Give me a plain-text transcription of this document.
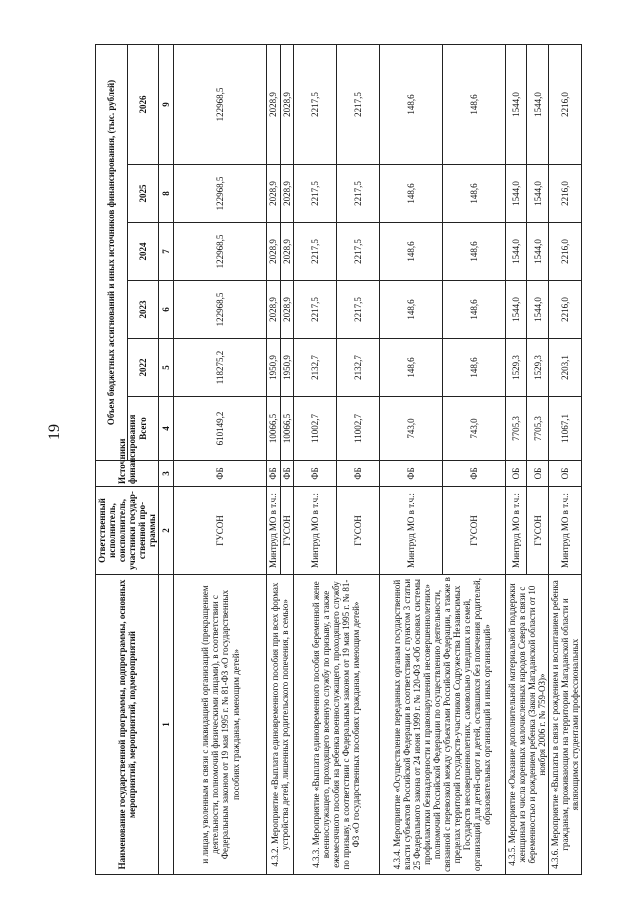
19
Наименование государственной программы, подпрограммы, основных мероприятий, мероприятий, подмероприятий	Ответственный исполнитель, соисполнитель, участники государ-ственной про-граммы	Источники финансирования	Объем бюджетных ассигнований и иных источников финансирования, (тыс. рублей)					
			Всего	2022	2023	2024	2025	2026
1	2	3	4	5	6	7	8	9
и лицам, уволенным в связи с ликвидацией организаций (прекращением деятельности, полномочий физическими лицами), в соответствии с Федеральным законом от 19 мая 1995 г. № 81-ФЗ «О государственных пособиях гражданам, имеющим детей»	ГУСОН	ФБ	610149,2	118275,2	122968,5	122968,5	122968,5	122968,5
4.3.2. Мероприятие «Выплата единовременного пособия при всех формах устройства детей, лишенных родительского попечения, в семью»	Минтруд МО в т.ч.:	ФБ	10066,5	1950,9	2028,9	2028,9	2028,9	2028,9
	ГУСОН	ФБ	10066,5	1950,9	2028,9	2028,9	2028,9	2028,9
4.3.3. Мероприятие «Выплата единовременного пособия беременной жене военнослужащего, проходящего военную службу по призыву, а также ежемесячного пособия на ребенка военнослужащего, проходящего службу по призыву, в соответствии с Федеральным законом от 19 мая 1995 г. № 81-ФЗ «О государственных пособиях гражданам, имеющим детей»	Минтруд МО в т.ч.:	ФБ	11002,7	2132,7	2217,5	2217,5	2217,5	2217,5
	ГУСОН	ФБ	11002,7	2132,7	2217,5	2217,5	2217,5	2217,5
4.3.4. Мероприятие «Осуществление переданных органам государственной власти субъектов Российской Федерации в соответствии с пунктом 3 статьи 25 Федерального закона от 24 июня 1999 г. № 120-ФЗ «Об основах системы профилактики безнадзорности и правонарушений несовершеннолетних» полномочий Российской Федерации по осуществлению деятельности, связанной с перевозкой между субъектами Российской Федерации, а также в пределах территорий государств-участников Содружества Независимых Государств несовершеннолетних, самовольно ушедших из семей, организаций для детей-сирот и детей, оставшихся без попечения родителей, образовательных организаций и иных организаций»	Минтруд МО в т.ч.:	ФБ	743,0	148,6	148,6	148,6	148,6	148,6
	ГУСОН	ФБ	743,0	148,6	148,6	148,6	148,6	148,6
4.3.5. Мероприятие «Оказание дополнительной материальной поддержки женщинам из числа коренных малочисленных народов Севера в связи с беременностью и рождением ребенка (Закон Магаданской области от 10 ноября 2006 г. № 759-ОЗ)»	Минтруд МО в т.ч.:	ОБ	7705,3	1529,3	1544,0	1544,0	1544,0	1544,0
	ГУСОН	ОБ	7705,3	1529,3	1544,0	1544,0	1544,0	1544,0
4.3.6. Мероприятие «Выплаты в связи с рождением и воспитанием ребенка гражданам, проживающим на территории Магаданской области и являющимся студентами профессиональных	Минтруд МО в т.ч.:	ОБ	11067,1	2203,1	2216,0	2216,0	2216,0	2216,0
